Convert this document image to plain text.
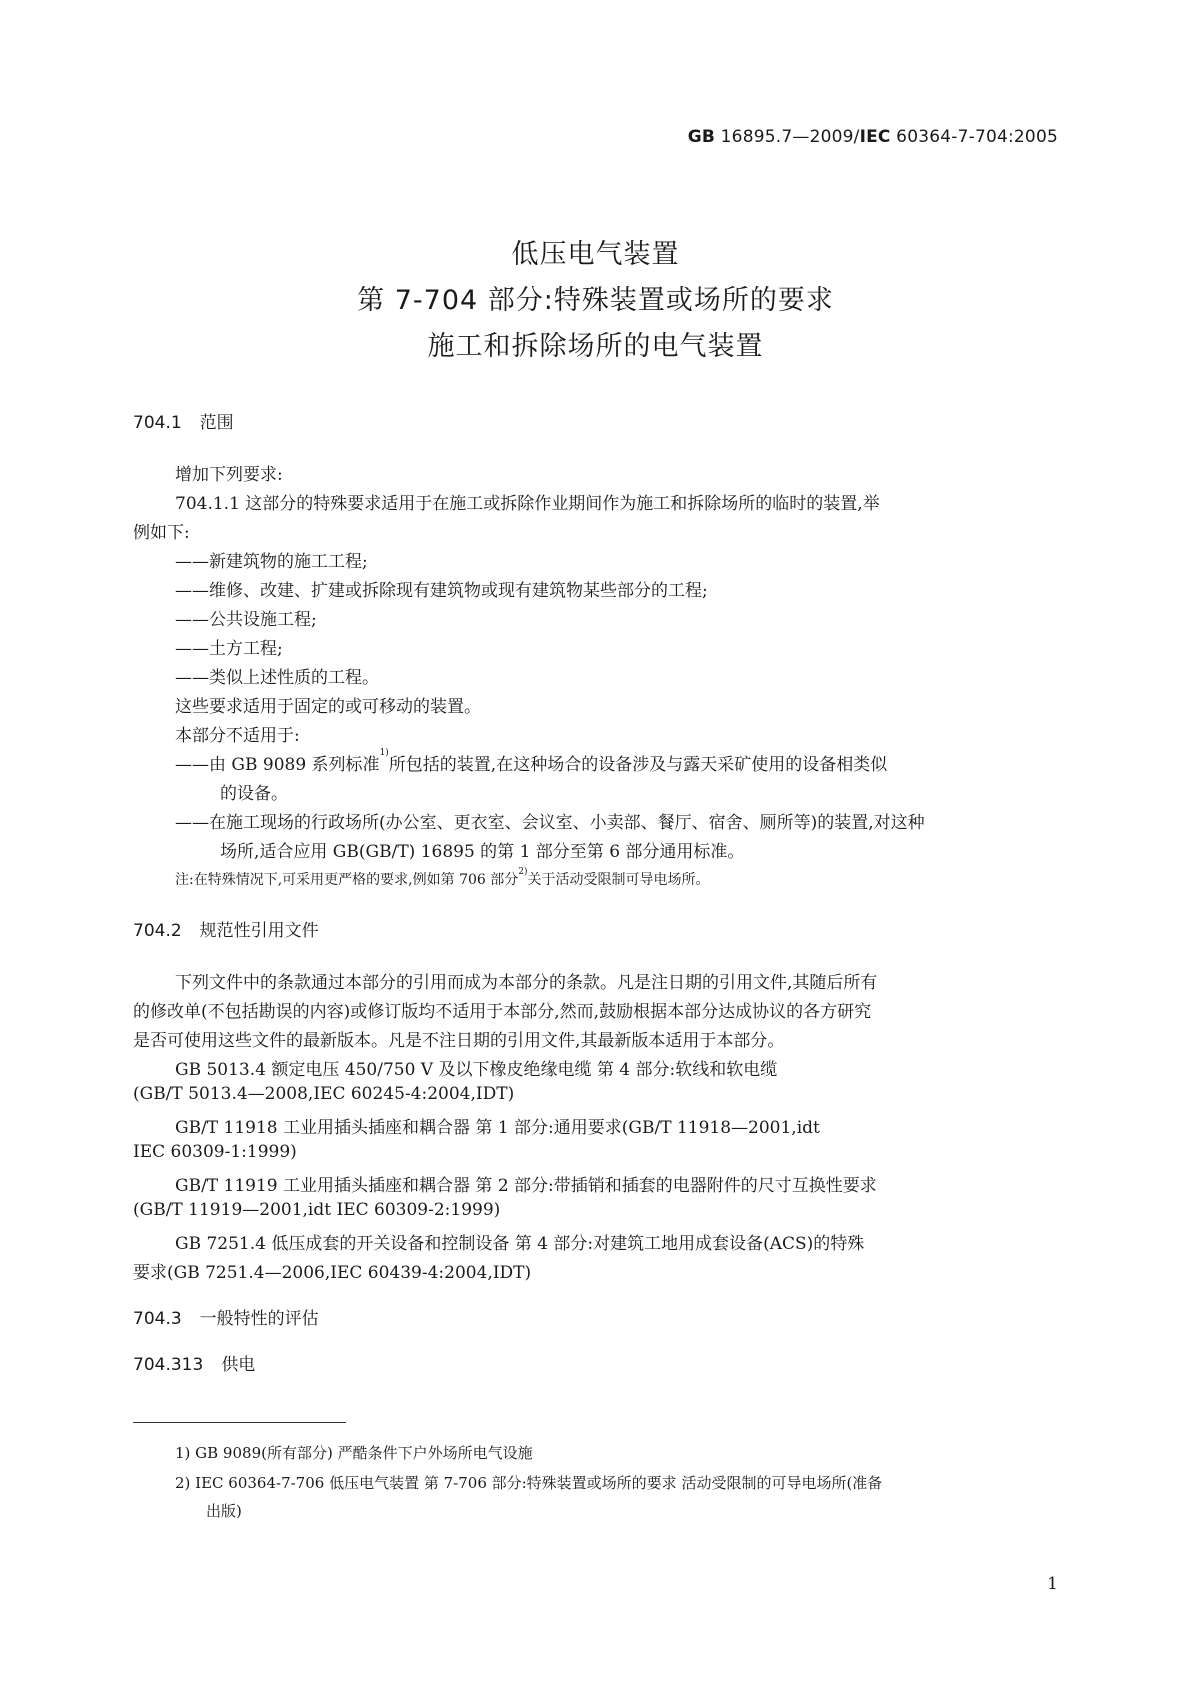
GB 16895.7—2009/IEC 60364-7-704:2005
低压电气装置
第 7-704 部分:特殊装置或场所的要求
施工和拆除场所的电气装置
704.1 范围
增加下列要求:
704.1.1 这部分的特殊要求适用于在施工或拆除作业期间作为施工和拆除场所的临时的装置,举
例如下:
——新建筑物的施工工程;
——维修、改建、扩建或拆除现有建筑物或现有建筑物某些部分的工程;
——公共设施工程;
——土方工程;
——类似上述性质的工程。
这些要求适用于固定的或可移动的装置。
本部分不适用于:
——由 GB 9089 系列标准$^{1)}$所包括的装置,在这种场合的设备涉及与露天采矿使用的设备相类似
的设备。
——在施工现场的行政场所(办公室、更衣室、会议室、小卖部、餐厅、宿舍、厕所等)的装置,对这种
场所,适合应用 GB(GB/T) 16895 的第 1 部分至第 6 部分通用标准。
注:在特殊情况下,可采用更严格的要求,例如第 706 部分$^{2)}$关于活动受限制可导电场所。
704.2 规范性引用文件
下列文件中的条款通过本部分的引用而成为本部分的条款。凡是注日期的引用文件,其随后所有
的修改单(不包括勘误的内容)或修订版均不适用于本部分,然而,鼓励根据本部分达成协议的各方研究
是否可使用这些文件的最新版本。凡是不注日期的引用文件,其最新版本适用于本部分。
GB 5013.4 额定电压 450/750 V 及以下橡皮绝缘电缆 第 4 部分:软线和软电缆
(GB/T 5013.4—2008,IEC 60245-4:2004,IDT)
GB/T 11918 工业用插头插座和耦合器 第 1 部分:通用要求(GB/T 11918—2001,idt
IEC 60309-1:1999)
GB/T 11919 工业用插头插座和耦合器 第 2 部分:带插销和插套的电器附件的尺寸互换性要求
(GB/T 11919—2001,idt IEC 60309-2:1999)
GB 7251.4 低压成套的开关设备和控制设备 第 4 部分:对建筑工地用成套设备(ACS)的特殊
要求(GB 7251.4—2006,IEC 60439-4:2004,IDT)
704.3 一般特性的评估
704.313 供电
1) GB 9089(所有部分) 严酷条件下户外场所电气设施
2) IEC 60364-7-706 低压电气装置 第 7-706 部分:特殊装置或场所的要求 活动受限制的可导电场所(准备
出版)
1
